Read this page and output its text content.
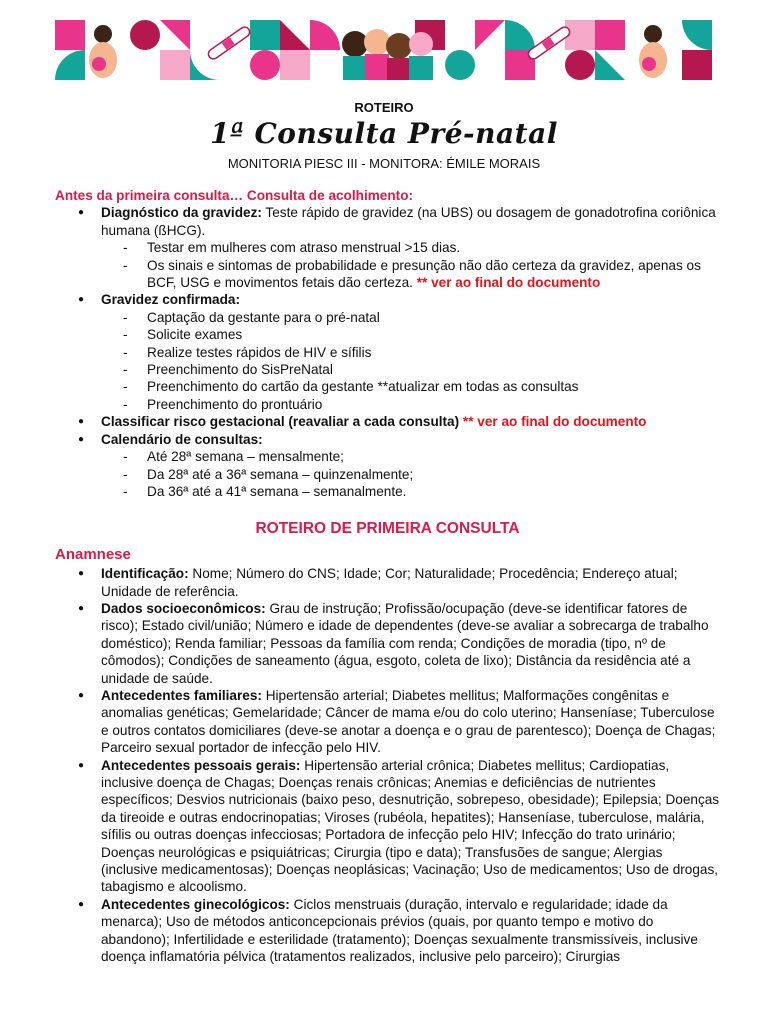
ROTEIRO
1ª Consulta Pré-natal
MONITORIA PIESC III - MONITORA: ÉMILE MORAIS
Antes da primeira consulta… Consulta de acolhimento:
● Diagnóstico da gravidez: Teste rápido de gravidez (na UBS) ou dosagem de gonadotrofina coriônica humana (ßHCG).
- Testar em mulheres com atraso menstrual >15 dias.
- Os sinais e sintomas de probabilidade e presunção não dão certeza da gravidez, apenas os BCF, USG e movimentos fetais dão certeza. ** ver ao final do documento
● Gravidez confirmada:
- Captação da gestante para o pré-natal
- Solicite exames
- Realize testes rápidos de HIV e sífilis
- Preenchimento do SisPreNatal
- Preenchimento do cartão da gestante **atualizar em todas as consultas
- Preenchimento do prontuário
● Classificar risco gestacional (reavaliar a cada consulta) ** ver ao final do documento
● Calendário de consultas:
- Até 28ª semana – mensalmente;
- Da 28ª até a 36ª semana – quinzenalmente;
- Da 36ª até a 41ª semana – semanalmente.
ROTEIRO DE PRIMEIRA CONSULTA
Anamnese
● Identificação: Nome; Número do CNS; Idade; Cor; Naturalidade; Procedência; Endereço atual; Unidade de referência.
● Dados socioeconômicos: Grau de instrução; Profissão/ocupação (deve-se identificar fatores de risco); Estado civil/união; Número e idade de dependentes (deve-se avaliar a sobrecarga de trabalho doméstico); Renda familiar; Pessoas da família com renda; Condições de moradia (tipo, nº de cômodos); Condições de saneamento (água, esgoto, coleta de lixo); Distância da residência até a unidade de saúde.
● Antecedentes familiares: Hipertensão arterial; Diabetes mellitus; Malformações congênitas e anomalias genéticas; Gemelaridade; Câncer de mama e/ou do colo uterino; Hanseníase; Tuberculose e outros contatos domiciliares (deve-se anotar a doença e o grau de parentesco); Doença de Chagas; Parceiro sexual portador de infecção pelo HIV.
● Antecedentes pessoais gerais: Hipertensão arterial crônica; Diabetes mellitus; Cardiopatias, inclusive doença de Chagas; Doenças renais crônicas; Anemias e deficiências de nutrientes específicos; Desvios nutricionais (baixo peso, desnutrição, sobrepeso, obesidade); Epilepsia; Doenças da tireoide e outras endocrinopatias; Viroses (rubéola, hepatites); Hanseníase, tuberculose, malária, sífilis ou outras doenças infecciosas; Portadora de infecção pelo HIV; Infecção do trato urinário; Doenças neurológicas e psiquiátricas; Cirurgia (tipo e data); Transfusões de sangue; Alergias (inclusive medicamentosas); Doenças neoplásicas; Vacinação; Uso de medicamentos; Uso de drogas, tabagismo e alcoolismo.
● Antecedentes ginecológicos: Ciclos menstruais (duração, intervalo e regularidade; idade da menarca); Uso de métodos anticoncepcionais prévios (quais, por quanto tempo e motivo do abandono); Infertilidade e esterilidade (tratamento); Doenças sexualmente transmissíveis, inclusive doença inflamatória pélvica (tratamentos realizados, inclusive pelo parceiro); Cirurgias
